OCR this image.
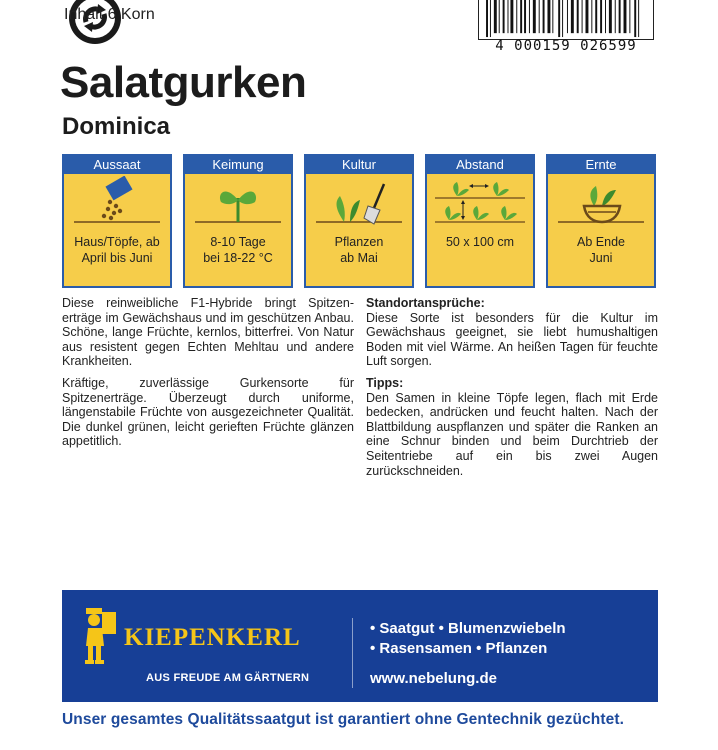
Inhalt 6 Korn
4 000159 026599
Salatgurken
Dominica
Aussaat
Haus/Töpfe, ab
April bis Juni
Keimung
8-10 Tage
bei 18-22 °C
Kultur
Pflanzen
ab Mai
Abstand
50 x 100 cm
Ernte
Ab Ende
Juni

Diese reinweibliche F1-Hybride bringt Spitzen-erträge im Gewächshaus und im geschützen Anbau. Schöne, lange Früchte, kernlos, bitterfrei. Von Natur aus resistent gegen Echten Mehltau und andere Krankheiten.

Kräftige, zuverlässige Gurkensorte für Spitzenerträge. Überzeugt durch uniforme, längenstabile Früchte von ausgezeichneter Qualität. Die dunkel grünen, leicht gerieften Früchte glänzen appetitlich.

Standortansprüche:
Diese Sorte ist besonders für die Kultur im Gewächshaus geeignet, sie liebt humushaltigen Boden mit viel Wärme. An heißen Tagen für feuchte Luft sorgen.

Tipps:
Den Samen in kleine Töpfe legen, flach mit Erde bedecken, andrücken und feucht halten. Nach der Blattbildung auspflanzen und später die Ranken an eine Schnur binden und beim Durchtrieb der Seitentriebe auf ein bis zwei Augen zurückschneiden.

KIEPENKERL
AUS FREUDE AM GÄRTNERN
• Saatgut • Blumenzwiebeln
• Rasensamen • Pflanzen
www.nebelung.de
Unser gesamtes Qualitätssaatgut ist garantiert ohne Gentechnik gezüchtet.
